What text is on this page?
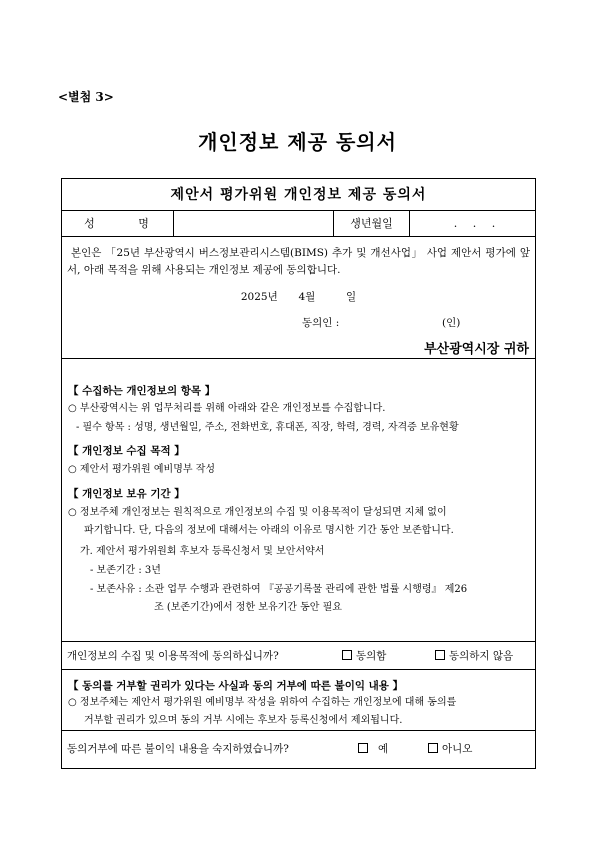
<별첨 3>
개인정보 제공 동의서
제안서 평가위원 개인정보 제공 동의서
성 명	생년월일	. . .
본인은 「25년 부산광역시 버스정보관리시스템(BIMS) 추가 및 개선사업」 사업 제안서 평가에 앞서, 아래 목적을 위해 사용되는 개인정보 제공에 동의합니다.
2025년 4월	일
동의인 :	(인)
부산광역시장 귀하
【 수집하는 개인정보의 항목 】
○ 부산광역시는 위 업무처리를 위해 아래와 같은 개인정보를 수집합니다.
- 필수 항목 : 성명, 생년월일, 주소, 전화번호, 휴대폰, 직장, 학력, 경력, 자격증 보유현황
【 개인정보 수집 목적 】
○ 제안서 평가위원 예비명부 작성
【 개인정보 보유 기간 】
○ 정보주체 개인정보는 원칙적으로 개인정보의 수집 및 이용목적이 달성되면 지체 없이
파기합니다. 단, 다음의 정보에 대해서는 아래의 이유로 명시한 기간 동안 보존합니다.
가. 제안서 평가위원회 후보자 등록신청서 및 보안서약서
- 보존기간 : 3년
- 보존사유 : 소관 업무 수행과 관련하여 『공공기록물 관리에 관한 법률 시행령』 제26
조 (보존기간)에서 정한 보유기간 동안 필요
개인정보의 수집 및 이용목적에 동의하십니까?	동의함	동의하지 않음
【 동의를 거부할 권리가 있다는 사실과 동의 거부에 따른 불이익 내용 】
○ 정보주체는 제안서 평가위원 예비명부 작성을 위하여 수집하는 개인정보에 대해 동의를
거부할 권리가 있으며 동의 거부 시에는 후보자 등록신청에서 제외됩니다.
동의거부에 따른 불이익 내용을 숙지하였습니까?	예	아니오
